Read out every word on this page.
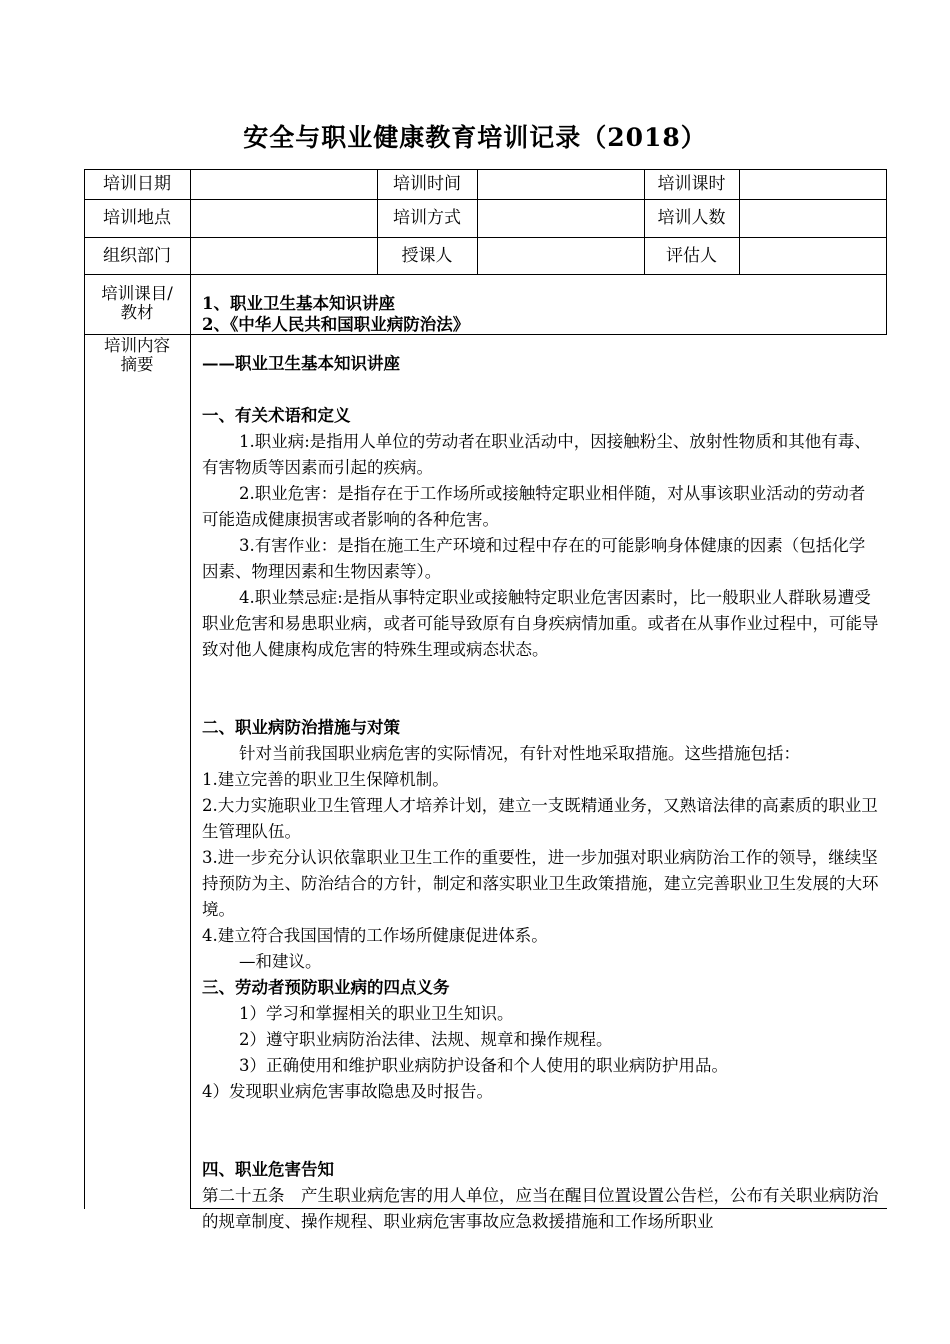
安全与职业健康教育培训记录（2018）
培训日期	培训时间	培训课时
培训地点	培训方式	培训人数
组织部门	授课人	评估人
培训课目/
教材	1、职业卫生基本知识讲座
2、《中华人民共和国职业病防治法》
培训内容
摘要	——职业卫生基本知识讲座

一、有关术语和定义

1.职业病:是指用人单位的劳动者在职业活动中，因接触粉尘、放射性物质和其他有毒、有害物质等因素而引起的疾病。

2.职业危害：是指存在于工作场所或接触特定职业相伴随，对从事该职业活动的劳动者可能造成健康损害或者影响的各种危害。

3.有害作业：是指在施工生产环境和过程中存在的可能影响身体健康的因素（包括化学因素、物理因素和生物因素等）。

4.职业禁忌症:是指从事特定职业或接触特定职业危害因素时，比一般职业人群耿易遭受职业危害和易患职业病，或者可能导致原有自身疾病情加重。或者在从事作业过程中，可能导致对他人健康构成危害的特殊生理或病态状态。

二、职业病防治措施与对策

针对当前我国职业病危害的实际情况，有针对性地采取措施。这些措施包括：

1.建立完善的职业卫生保障机制。

2.大力实施职业卫生管理人才培养计划，建立一支既精通业务，又熟谙法律的高素质的职业卫生管理队伍。

3.进一步充分认识依靠职业卫生工作的重要性，进一步加强对职业病防治工作的领导，继续坚持预防为主、防治结合的方针，制定和落实职业卫生政策措施，建立完善职业卫生发展的大环境。

4.建立符合我国国情的工作场所健康促进体系。

—和建议。

三、劳动者预防职业病的四点义务

1）学习和掌握相关的职业卫生知识。

2）遵守职业病防治法律、法规、规章和操作规程。

3）正确使用和维护职业病防护设备和个人使用的职业病防护用品。

4）发现职业病危害事故隐患及时报告。

四、职业危害告知

第二十五条　产生职业病危害的用人单位，应当在醒目位置设置公告栏，公布有关职业病防治的规章制度、操作规程、职业病危害事故应急救援措施和工作场所职业
